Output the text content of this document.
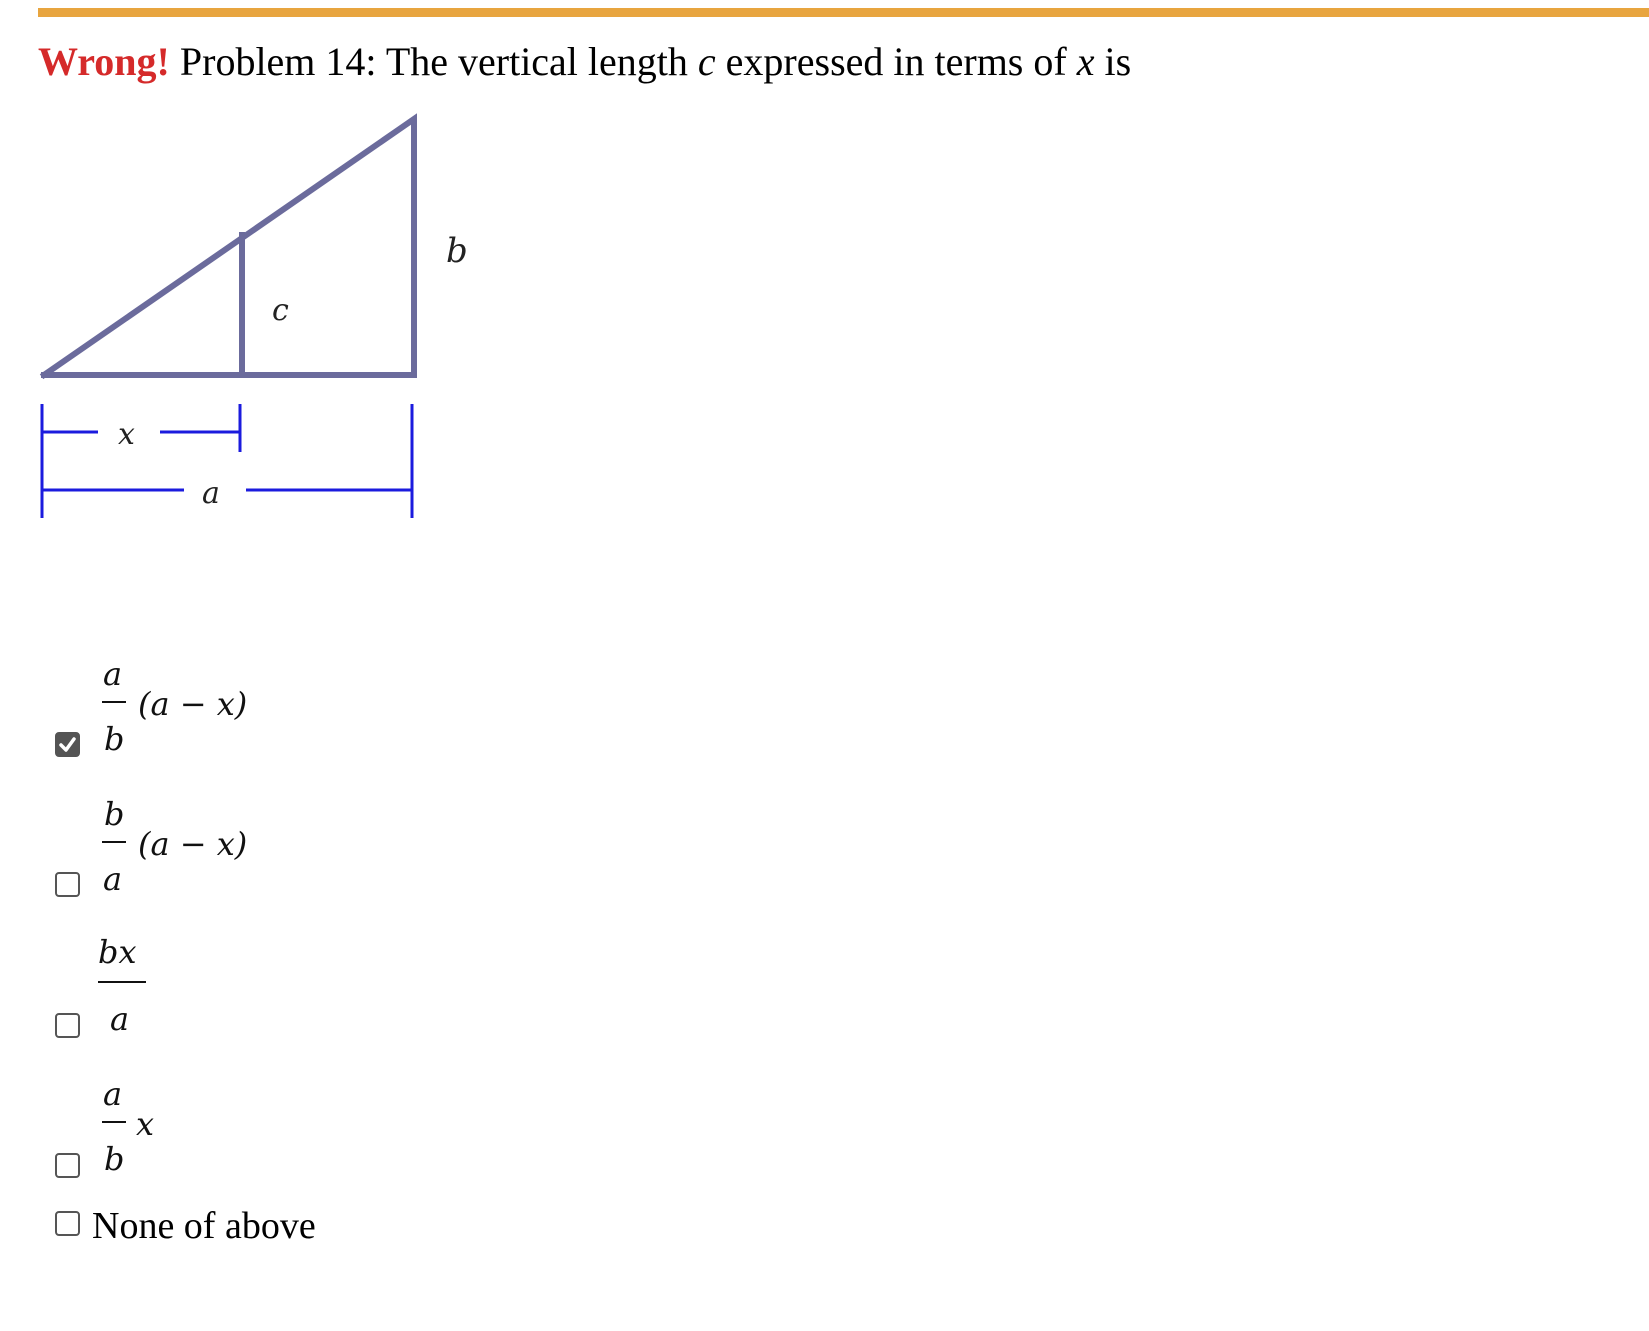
Wrong! Problem 14: The vertical length c expressed in terms of x is
b
c
x
a
a
b
(a − x)
b
a
(a − x)
bx
a
a
b
x
None of above
